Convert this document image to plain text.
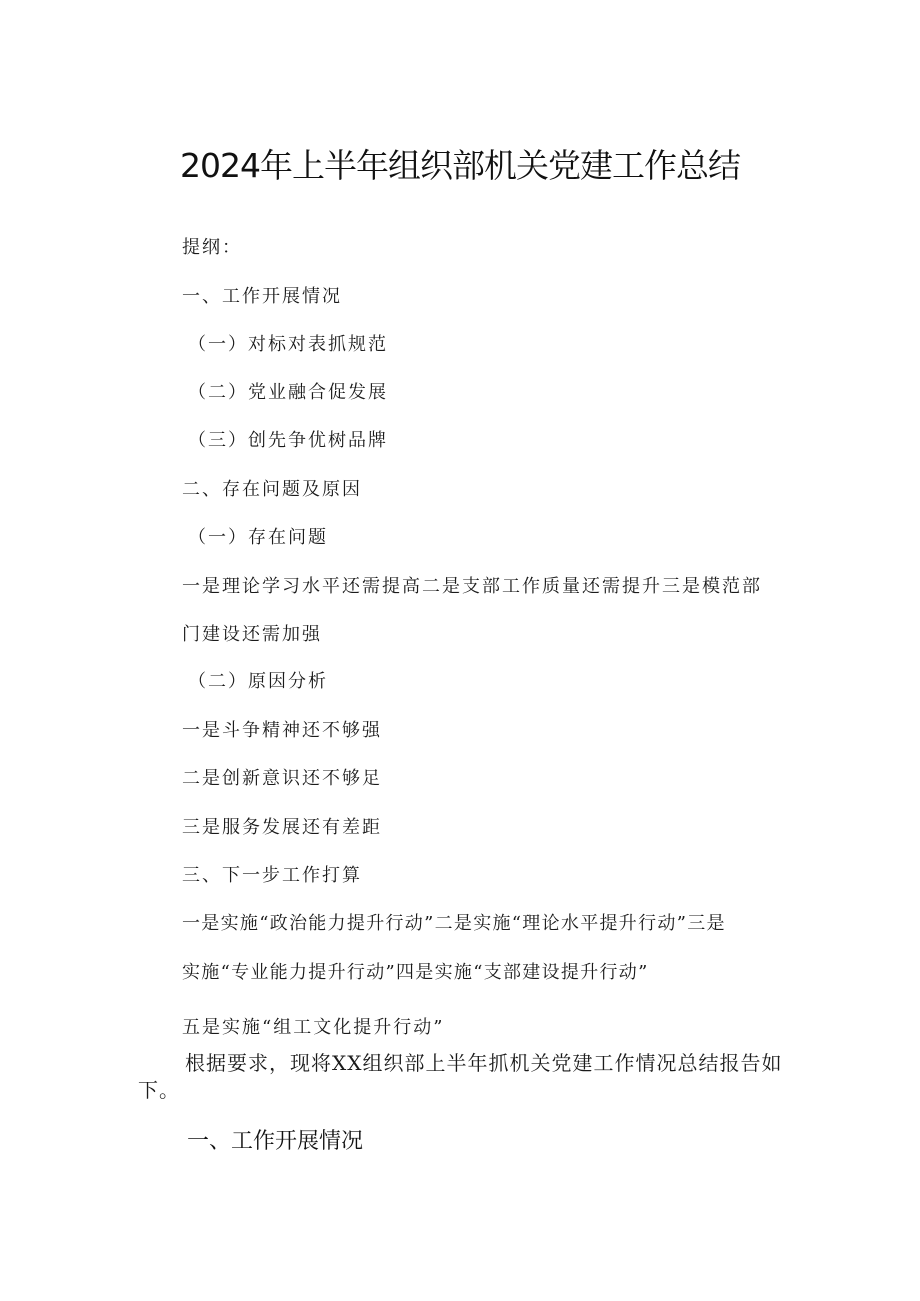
2024年上半年组织部机关党建工作总结
提纲：
一、工作开展情况
（一）对标对表抓规范
（二）党业融合促发展
（三）创先争优树品牌
二、存在问题及原因
（一）存在问题
一是理论学习水平还需提高二是支部工作质量还需提升三是模范部
门建设还需加强
（二）原因分析
一是斗争精神还不够强
二是创新意识还不够足
三是服务发展还有差距
三、下一步工作打算
一是实施“政治能力提升行动”二是实施“理论水平提升行动”三是
实施“专业能力提升行动”四是实施“支部建设提升行动”
五是实施“组工文化提升行动”
根据要求，现将XX组织部上半年抓机关党建工作情况总结报告如下。
一、工作开展情况
